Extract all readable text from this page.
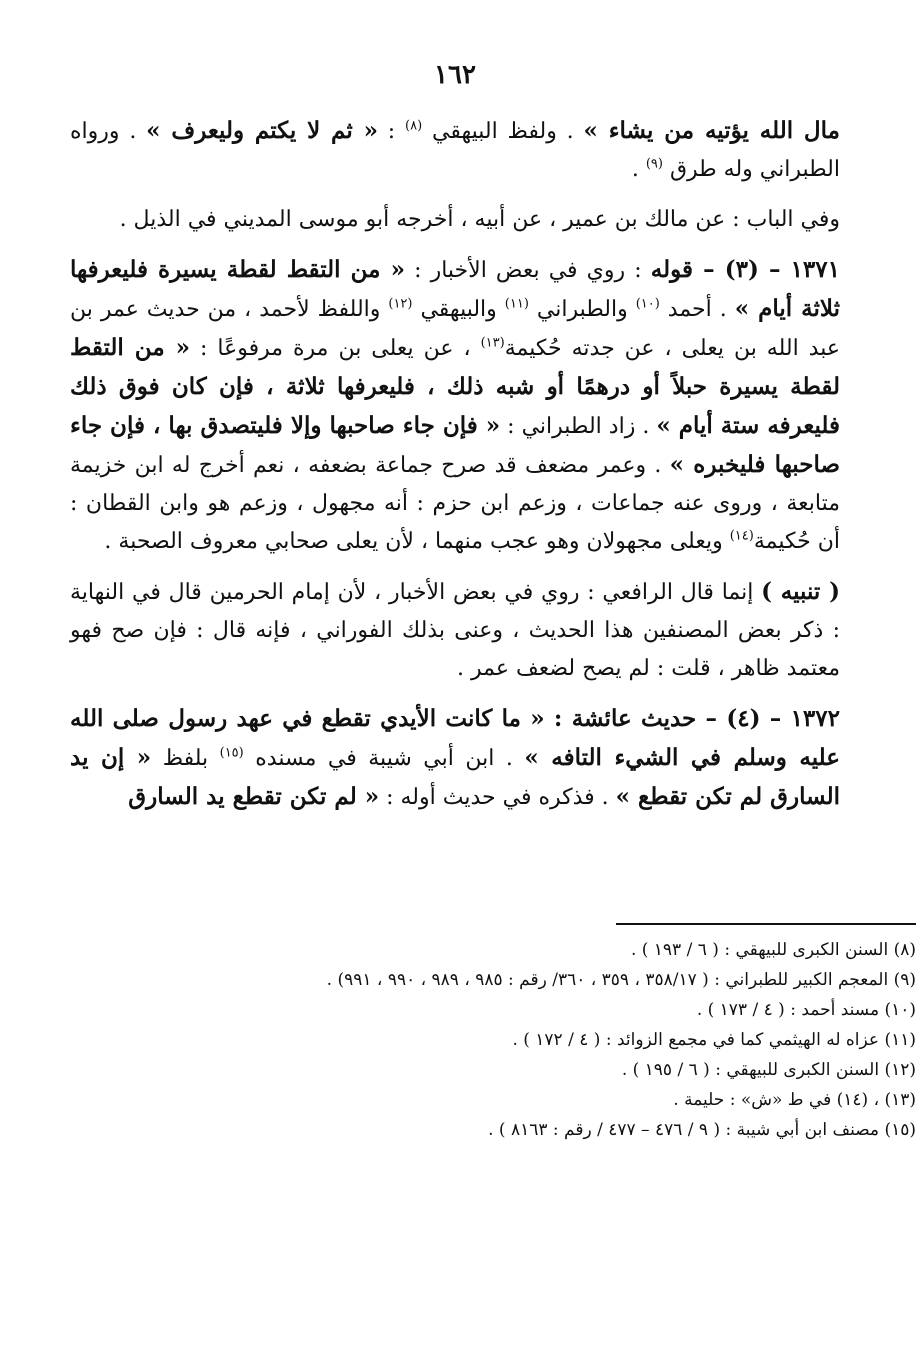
١٦٢

مال الله يؤتيه من يشاء » . ولفظ البيهقي $^{(٨)}$ : « ثم لا يكتم وليعرف » . ورواه الطبراني وله طرق $^{(٩)}$ .

وفي الباب : عن مالك بن عمير ، عن أبيه ، أخرجه أبو موسى المديني في الذيل .

١٣٧١ – (٣) – قوله : روي في بعض الأخبار : « من التقط لقطة يسيرة فليعرفها ثلاثة أيام » . أحمد $^{(١٠)}$ والطبراني $^{(١١)}$ والبيهقي $^{(١٢)}$ واللفظ لأحمد ، من حديث عمر بن عبد الله بن يعلى ، عن جدته حُكيمة$^{(١٣)}$ ، عن يعلى بن مرة مرفوعًا : « من التقط لقطة يسيرة حبلاً أو درهمًا أو شبه ذلك ، فليعرفها ثلاثة ، فإن كان فوق ذلك فليعرفه ستة أيام » . زاد الطبراني : « فإن جاء صاحبها وإلا فليتصدق بها ، فإن جاء صاحبها فليخبره » . وعمر مضعف قد صرح جماعة بضعفه ، نعم أخرج له ابن خزيمة متابعة ، وروى عنه جماعات ، وزعم ابن حزم : أنه مجهول ، وزعم هو وابن القطان : أن حُكيمة$^{(١٤)}$ ويعلى مجهولان وهو عجب منهما ، لأن يعلى صحابي معروف الصحبة .

( تنبيه ) إنما قال الرافعي : روي في بعض الأخبار ، لأن إمام الحرمين قال في النهاية : ذكر بعض المصنفين هذا الحديث ، وعنى بذلك الفوراني ، فإنه قال : فإن صح فهو معتمد ظاهر ، قلت : لم يصح لضعف عمر .

١٣٧٢ – (٤) – حديث عائشة : « ما كانت الأيدي تقطع في عهد رسول صلى الله عليه وسلم في الشيء التافه » . ابن أبي شيبة في مسنده $^{(١٥)}$ بلفظ « إن يد السارق لم تكن تقطع » . فذكره في حديث أوله : « لم تكن تقطع يد السارق

(٨) السنن الكبرى للبيهقي : ( ٦ / ١٩٣ ) .
(٩) المعجم الكبير للطبراني : ( ٣٥٨/١٧ ، ٣٥٩ ، ٣٦٠/ رقم : ٩٨٥ ، ٩٨٩ ، ٩٩٠ ، ٩٩١) .
(١٠) مسند أحمد : ( ٤ / ١٧٣ ) .
(١١) عزاه له الهيثمي كما في مجمع الزوائد : ( ٤ / ١٧٢ ) .
(١٢) السنن الكبرى للبيهقي : ( ٦ / ١٩٥ ) .
(١٣) ، (١٤) في ط «ش» : حليمة .
(١٥) مصنف ابن أبي شيبة : ( ٩ / ٤٧٦ – ٤٧٧ / رقم : ٨١٦٣ ) .
